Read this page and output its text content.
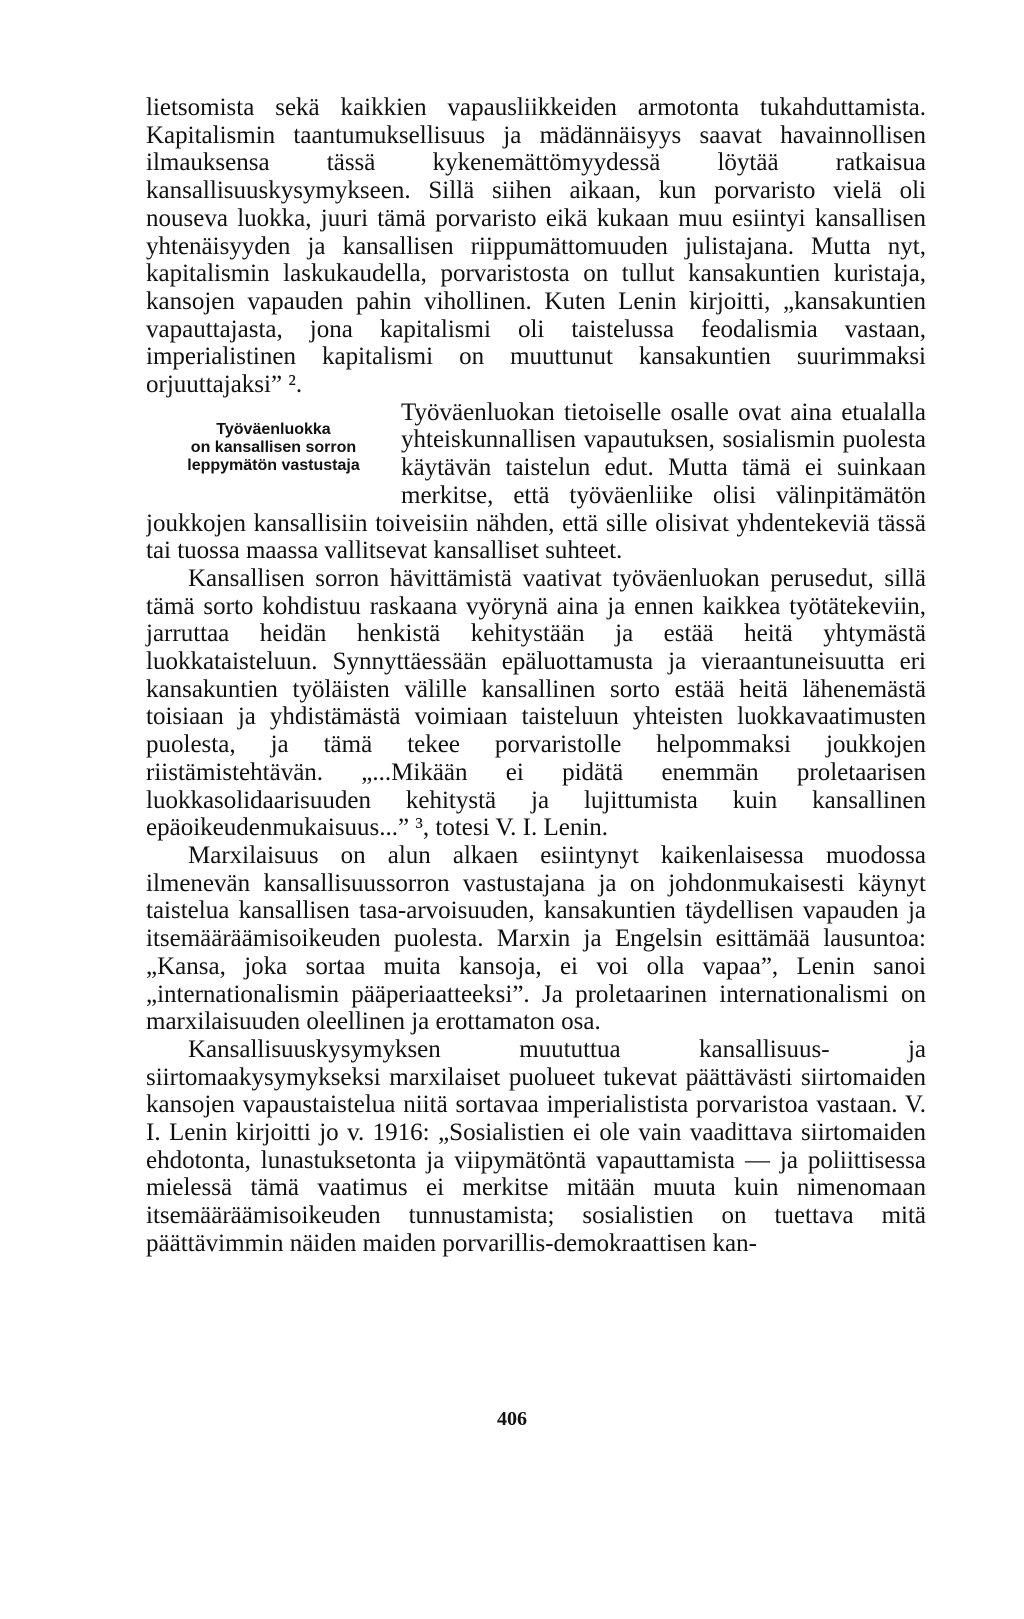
lietsomista sekä kaikkien vapausliikkeiden armotonta tukahduttamista. Kapitalismin taantumuksellisuus ja mädännäisyys saavat havainnollisen ilmauksensa tässä kykenemättömyydessä löytää ratkaisua kansallisuuskysymykseen. Sillä siihen aikaan, kun porvaristo vielä oli nouseva luokka, juuri tämä porvaristo eikä kukaan muu esiintyi kansallisen yhtenäisyyden ja kansallisen riippumättomuuden julistajana. Mutta nyt, kapitalismin laskukaudella, porvaristosta on tullut kansakuntien kuristaja, kansojen vapauden pahin vihollinen. Kuten Lenin kirjoitti, „kansakuntien vapauttajasta, jona kapitalismi oli taistelussa feodalismia vastaan, imperialistinen kapitalismi on muuttunut kansakuntien suurimmaksi orjuuttajaksi” ².

Työväenluokka
on kansallisen sorron
leppymätön vastustaja

Työväenluokan tietoiselle osalle ovat aina etualalla yhteiskunnallisen vapautuksen, sosialismin puolesta käytävän taistelun edut. Mutta tämä ei suinkaan merkitse, että työväenliike olisi välinpitämätön joukkojen kansallisiin toiveisiin nähden, että sille olisivat yhdentekeviä tässä tai tuossa maassa vallitsevat kansalliset suhteet.

Kansallisen sorron hävittämistä vaativat työväenluokan perusedut, sillä tämä sorto kohdistuu raskaana vyörynä aina ja ennen kaikkea työtätekeviin, jarruttaa heidän henkistä kehitystään ja estää heitä yhtymästä luokkataisteluun. Synnyttäessään epäluottamusta ja vieraantuneisuutta eri kansakuntien työläisten välille kansallinen sorto estää heitä lähenemästä toisiaan ja yhdistämästä voimiaan taisteluun yhteisten luokkavaatimusten puolesta, ja tämä tekee porvaristolle helpommaksi joukkojen riistämistehtävän. „...Mikään ei pidätä enemmän proletaarisen luokkasolidaarisuuden kehitystä ja lujittumista kuin kansallinen epäoikeudenmukaisuus...” ³, totesi V. I. Lenin.

Marxilaisuus on alun alkaen esiintynyt kaikenlaisessa muodossa ilmenevän kansallisuussorron vastustajana ja on johdonmukaisesti käynyt taistelua kansallisen tasa-arvoisuuden, kansakuntien täydellisen vapauden ja itsemääräämisoikeuden puolesta. Marxin ja Engelsin esittämää lausuntoa: „Kansa, joka sortaa muita kansoja, ei voi olla vapaa”, Lenin sanoi „internationalismin pääperiaatteeksi”. Ja proletaarinen internationalismi on marxilaisuuden oleellinen ja erottamaton osa.

Kansallisuuskysymyksen muututtua kansallisuus- ja siirtomaakysymykseksi marxilaiset puolueet tukevat päättävästi siirtomaiden kansojen vapaustaistelua niitä sortavaa imperialistista porvaristoa vastaan. V. I. Lenin kirjoitti jo v. 1916: „Sosialistien ei ole vain vaadittava siirtomaiden ehdotonta, lunastuksetonta ja viipymätöntä vapauttamista — ja poliittisessa mielessä tämä vaatimus ei merkitse mitään muuta kuin nimenomaan itsemääräämisoikeuden tunnustamista; sosialistien on tuettava mitä päättävimmin näiden maiden porvarillis-demokraattisen kan-

406
